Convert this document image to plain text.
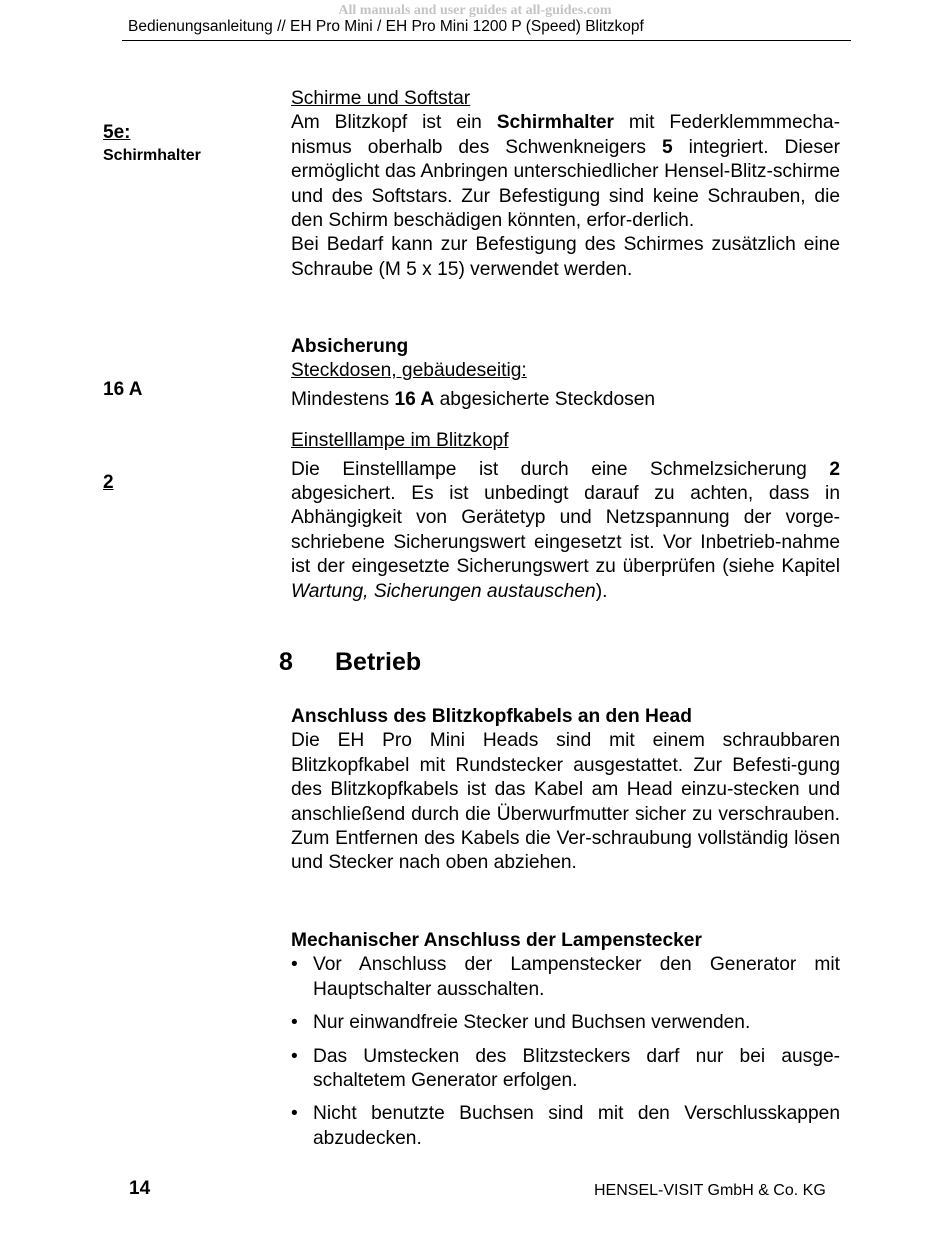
All manuals and user guides at all-guides.com
Bedienungsanleitung // EH Pro Mini / EH Pro Mini 1200 P (Speed) Blitzkopf
5e:
Schirmhalter
16 A
2

Schirme und Softstar

Am Blitzkopf ist ein Schirmhalter mit Federklemmmecha-nismus oberhalb des Schwenkneigers 5 integriert. Dieser ermöglicht das Anbringen unterschiedlicher Hensel-Blitz-schirme und des Softstars. Zur Befestigung sind keine Schrauben, die den Schirm beschädigen könnten, erfor-derlich.

Bei Bedarf kann zur Befestigung des Schirmes zusätzlich eine Schraube (M 5 x 15) verwendet werden.

Absicherung

Steckdosen, gebäudeseitig:

Mindestens 16 A abgesicherte Steckdosen

Einstelllampe im Blitzkopf

Die Einstelllampe ist durch eine Schmelzsicherung 2 abgesichert. Es ist unbedingt darauf zu achten, dass in Abhängigkeit von Gerätetyp und Netzspannung der vorge-schriebene Sicherungswert eingesetzt ist. Vor Inbetrieb-nahme ist der eingesetzte Sicherungswert zu überprüfen (siehe Kapitel Wartung, Sicherungen austauschen).

8 Betrieb

Anschluss des Blitzkopfkabels an den Head

Die EH Pro Mini Heads sind mit einem schraubbaren Blitzkopfkabel mit Rundstecker ausgestattet. Zur Befesti-gung des Blitzkopfkabels ist das Kabel am Head einzu-stecken und anschließend durch die Überwurfmutter sicher zu verschrauben. Zum Entfernen des Kabels die Ver-schraubung vollständig lösen und Stecker nach oben abziehen.

Mechanischer Anschluss der Lampenstecker

• Vor Anschluss der Lampenstecker den Generator mit Hauptschalter ausschalten.
• Nur einwandfreie Stecker und Buchsen verwenden.
• Das Umstecken des Blitzsteckers darf nur bei ausge-schaltetem Generator erfolgen.
• Nicht benutzte Buchsen sind mit den Verschlusskappen abzudecken.
14	HENSEL-VISIT GmbH & Co. KG
